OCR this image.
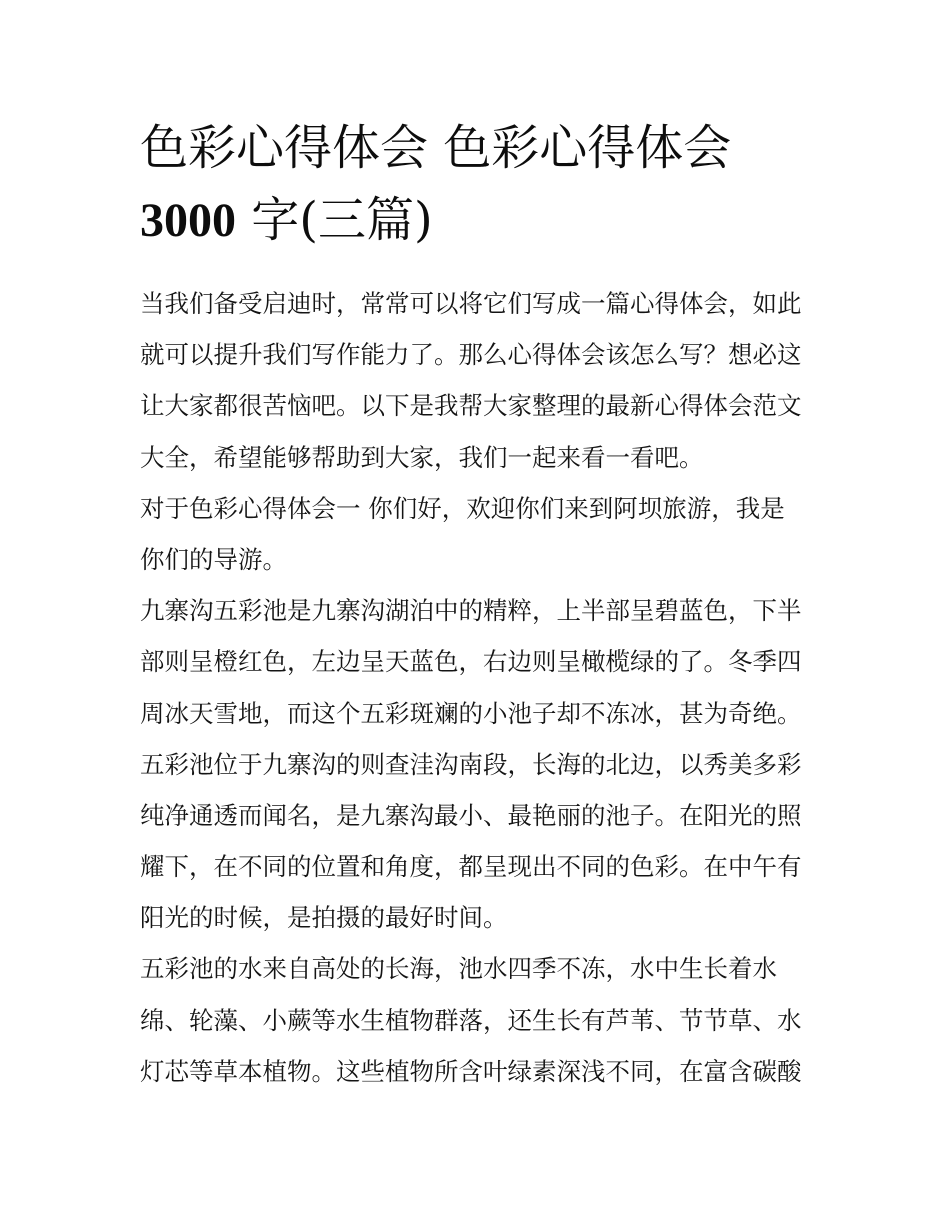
色彩心得体会 色彩心得体会
3000 字(三篇)
当我们备受启迪时，常常可以将它们写成一篇心得体会，如此
就可以提升我们写作能力了。那么心得体会该怎么写？想必这
让大家都很苦恼吧。以下是我帮大家整理的最新心得体会范文
大全，希望能够帮助到大家，我们一起来看一看吧。
对于色彩心得体会一 你们好，欢迎你们来到阿坝旅游，我是
你们的导游。
九寨沟五彩池是九寨沟湖泊中的精粹，上半部呈碧蓝色，下半
部则呈橙红色，左边呈天蓝色，右边则呈橄榄绿的了。冬季四
周冰天雪地，而这个五彩斑斓的小池子却不冻冰，甚为奇绝。
五彩池位于九寨沟的则查洼沟南段，长海的北边，以秀美多彩
纯净通透而闻名，是九寨沟最小、最艳丽的池子。在阳光的照
耀下，在不同的位置和角度，都呈现出不同的色彩。在中午有
阳光的时候，是拍摄的最好时间。
五彩池的水来自高处的长海，池水四季不冻，水中生长着水
绵、轮藻、小蕨等水生植物群落，还生长有芦苇、节节草、水
灯芯等草本植物。这些植物所含叶绿素深浅不同，在富含碳酸
